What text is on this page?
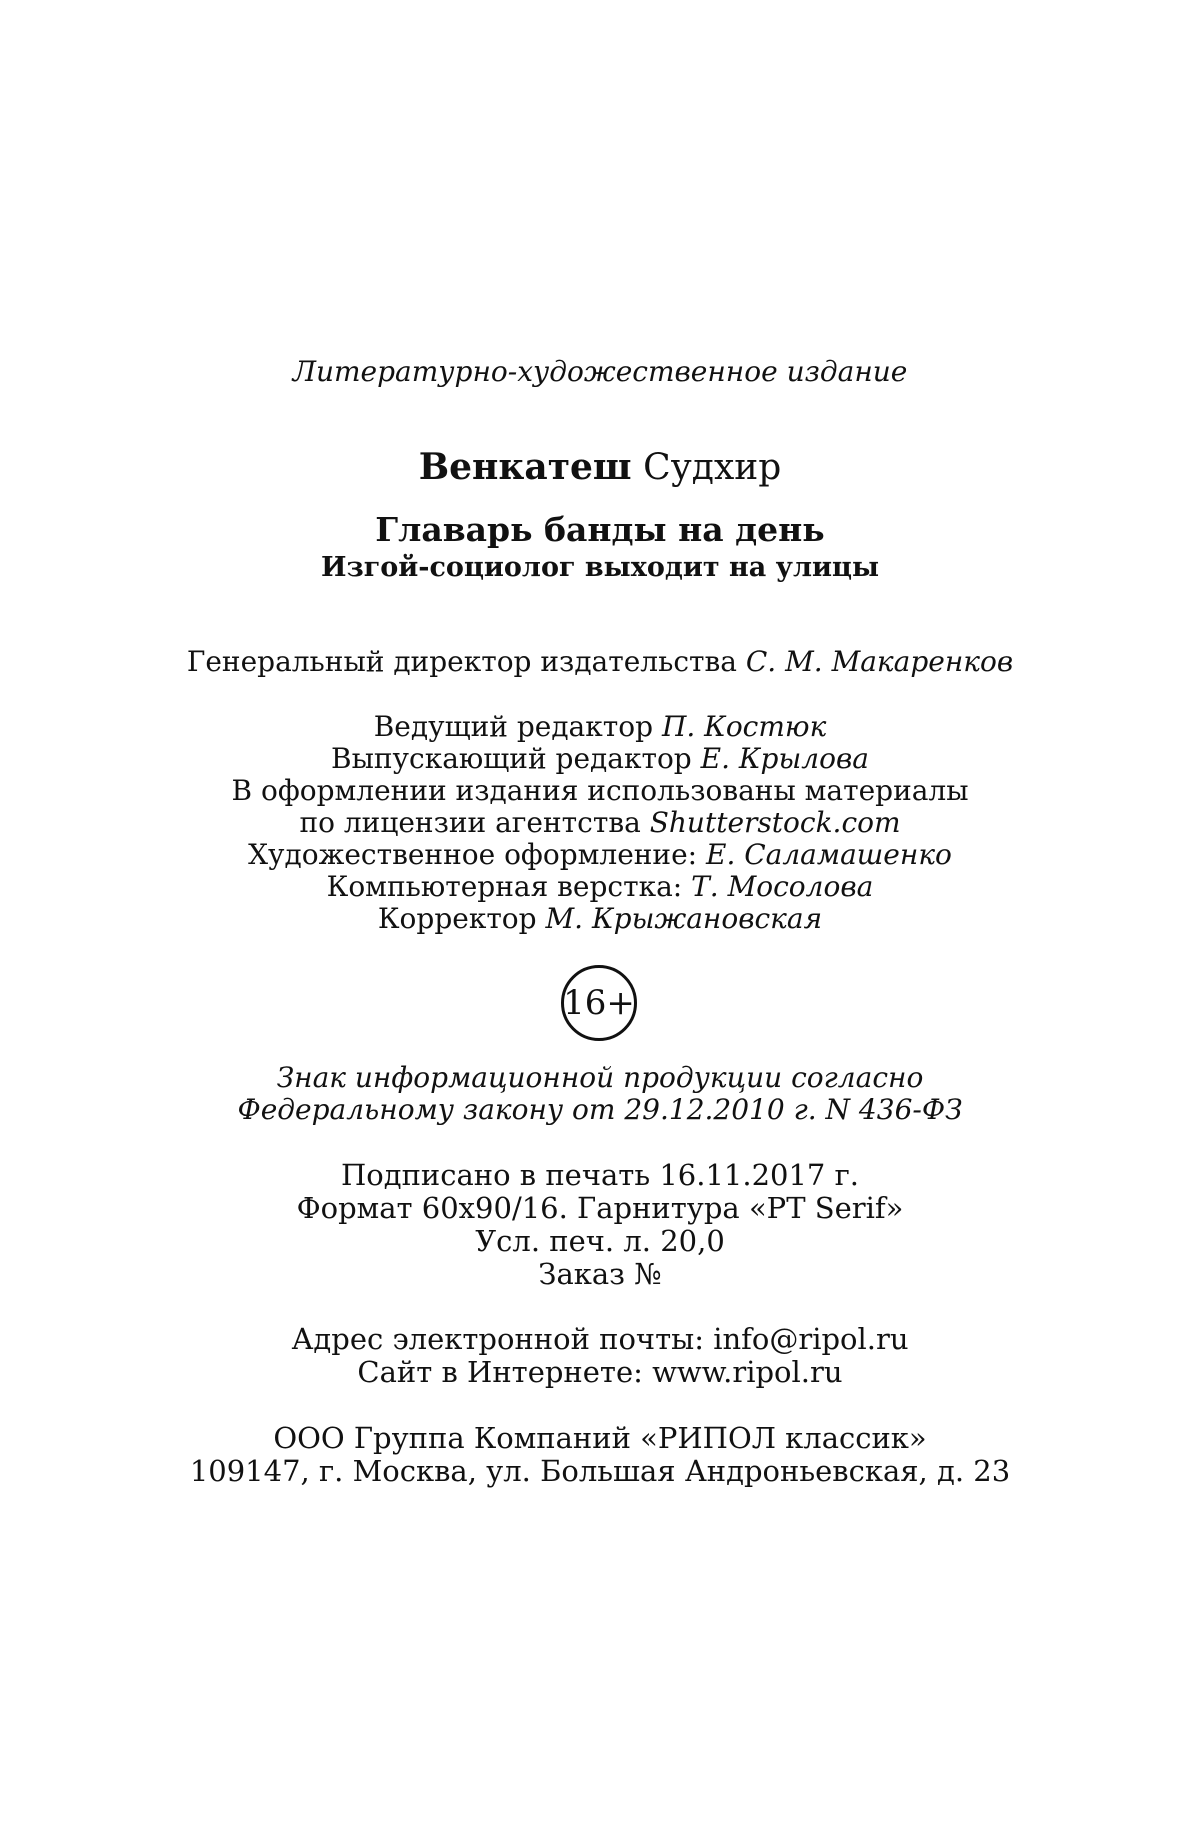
Литературно-художественное издание
Венкатеш Судхир
Главарь банды на день
Изгой-социолог выходит на улицы
Генеральный директор издательства С. М. Макаренков
Ведущий редактор П. Костюк
Выпускающий редактор Е. Крылова
В оформлении издания использованы материалы
по лицензии агентства Shutterstock.com
Художественное оформление: Е. Саламашенко
Компьютерная верстка: Т. Мосолова
Корректор М. Крыжановская
16+
Знак информационной продукции согласно
Федеральному закону от 29.12.2010 г. N 436-ФЗ
Подписано в печать 16.11.2017 г.
Формат 60x90/16. Гарнитура «PT Serif»
Усл. печ. л. 20,0
Заказ №
Адрес электронной почты: info@ripol.ru
Сайт в Интернете: www.ripol.ru
ООО Группа Компаний «РИПОЛ классик»
109147, г. Москва, ул. Большая Андроньевская, д. 23
